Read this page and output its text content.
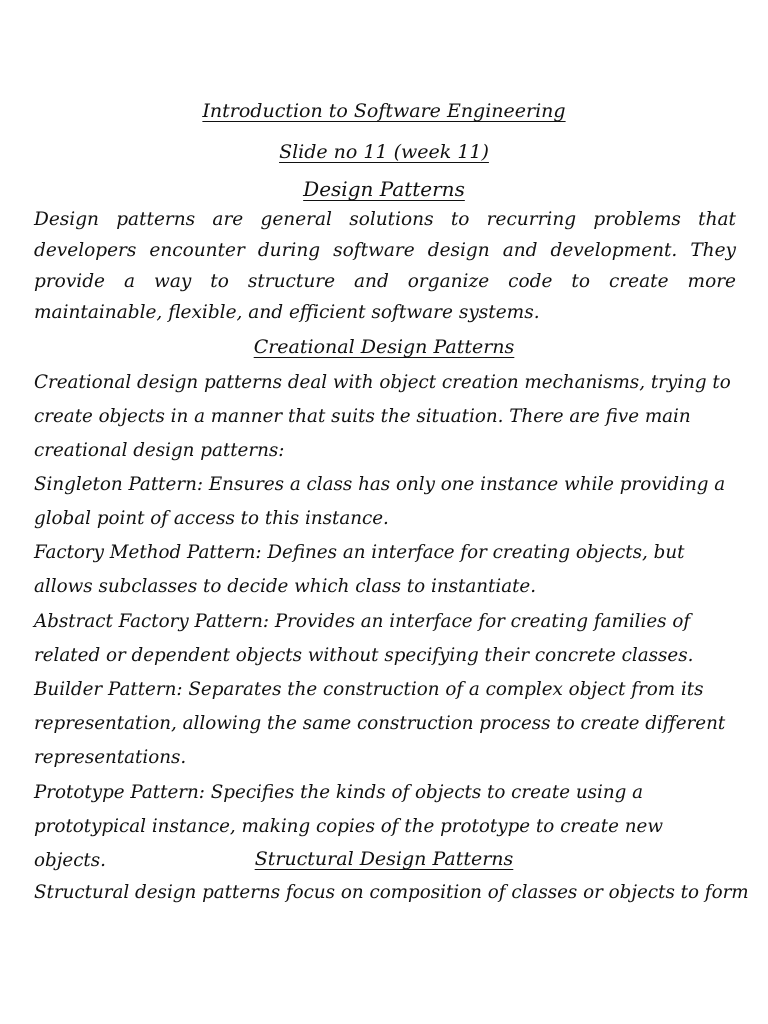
Introduction to Software Engineering
Slide no 11 (week 11)
Design Patterns

Design patterns are general solutions to recurring problems that developers encounter during software design and development. They provide a way to structure and organize code to create more maintainable, flexible, and efficient software systems.

Creational Design Patterns

Creational design patterns deal with object creation mechanisms, trying to create objects in a manner that suits the situation. There are five main creational design patterns:

Singleton Pattern: Ensures a class has only one instance while providing a global point of access to this instance.

Factory Method Pattern: Defines an interface for creating objects, but allows subclasses to decide which class to instantiate.

Abstract Factory Pattern: Provides an interface for creating families of related or dependent objects without specifying their concrete classes.

Builder Pattern: Separates the construction of a complex object from its representation, allowing the same construction process to create different representations.

Prototype Pattern: Specifies the kinds of objects to create using a prototypical instance, making copies of the prototype to create new objects.	Structural Design Patterns

Structural design patterns focus on composition of classes or objects to form
